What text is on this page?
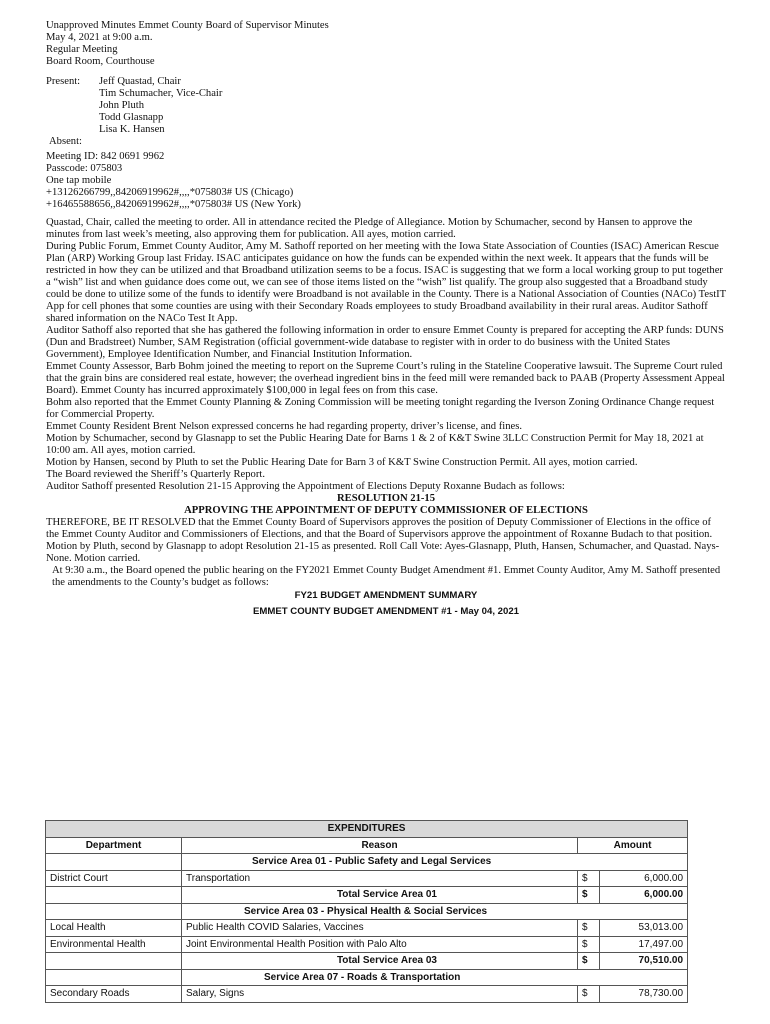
Unapproved Minutes Emmet County Board of Supervisor Minutes

May 4, 2021 at 9:00 a.m.

Regular Meeting

Board Room, Courthouse

Present:	Jeff Quastad, Chair

Tim Schumacher, Vice-Chair

John Pluth

Todd Glasnapp

Lisa K. Hansen

Absent:

Meeting ID: 842 0691 9962

Passcode: 075803

One tap mobile

+13126266799,,84206919962#,,,,*075803# US (Chicago)

+16465588656,,84206919962#,,,,*075803# US (New York)

Quastad, Chair, called the meeting to order. All in attendance recited the Pledge of Allegiance. Motion by Schumacher, second by Hansen to approve the minutes from last week’s meeting, also approving them for publication. All ayes, motion carried.

During Public Forum, Emmet County Auditor, Amy M. Sathoff reported on her meeting with the Iowa State Association of Counties (ISAC) American Rescue Plan (ARP) Working Group last Friday. ISAC anticipates guidance on how the funds can be expended within the next week. It appears that the funds will be restricted in how they can be utilized and that Broadband utilization seems to be a focus. ISAC is suggesting that we form a local working group to put together a “wish” list and when guidance does come out, we can see of those items listed on the “wish” list qualify. The group also suggested that a Broadband study could be done to utilize some of the funds to identify were Broadband is not available in the County. There is a National Association of Counties (NACo) TestIT App for cell phones that some counties are using with their Secondary Roads employees to study Broadband availability in their rural areas. Auditor Sathoff shared information on the NACo Test It App.

Auditor Sathoff also reported that she has gathered the following information in order to ensure Emmet County is prepared for accepting the ARP funds: DUNS (Dun and Bradstreet) Number, SAM Registration (official government-wide database to register with in order to do business with the United States Government), Employee Identification Number, and Financial Institution Information.

Emmet County Assessor, Barb Bohm joined the meeting to report on the Supreme Court’s ruling in the Stateline Cooperative lawsuit. The Supreme Court ruled that the grain bins are considered real estate, however; the overhead ingredient bins in the feed mill were remanded back to PAAB (Property Assessment Appeal Board). Emmet County has incurred approximately $100,000 in legal fees on from this case.

Bohm also reported that the Emmet County Planning & Zoning Commission will be meeting tonight regarding the Iverson Zoning Ordinance Change request for Commercial Property.

Emmet County Resident Brent Nelson expressed concerns he had regarding property, driver’s license, and fines.

Motion by Schumacher, second by Glasnapp to set the Public Hearing Date for Barns 1 & 2 of K&T Swine 3LLC Construction Permit for May 18, 2021 at 10:00 am. All ayes, motion carried.

Motion by Hansen, second by Pluth to set the Public Hearing Date for Barn 3 of K&T Swine Construction Permit. All ayes, motion carried.

The Board reviewed the Sheriff’s Quarterly Report.

Auditor Sathoff presented Resolution 21-15 Approving the Appointment of Elections Deputy Roxanne Budach as follows:

RESOLUTION 21-15

APPROVING THE APPOINTMENT OF DEPUTY COMMISSIONER OF ELECTIONS

THEREFORE, BE IT RESOLVED that the Emmet County Board of Supervisors approves the position of Deputy Commissioner of Elections in the office of the Emmet County Auditor and Commissioners of Elections, and that the Board of Supervisors approve the appointment of Roxanne Budach to that position.

Motion by Pluth, second by Glasnapp to adopt Resolution 21-15 as presented. Roll Call Vote: Ayes-Glasnapp, Pluth, Hansen, Schumacher, and Quastad. Nays- None. Motion carried.

At 9:30 a.m., the Board opened the public hearing on the FY2021 Emmet County Budget Amendment #1. Emmet County Auditor, Amy M. Sathoff presented the amendments to the County’s budget as follows:

FY21 BUDGET AMENDMENT SUMMARY

EMMET COUNTY BUDGET AMENDMENT #1 - May 04, 2021

EXPENDITURES			
Department	Reason	Amount	
	Service Area 01 - Public Safety and Legal Services		
District Court	Transportation	$	6,000.00
	Total Service Area 01	$	6,000.00
	Service Area 03 - Physical Health & Social Services		
Local Health	Public Health COVID Salaries, Vaccines	$	53,013.00
Environmental Health	Joint Environmental Health Position with Palo Alto	$	17,497.00
	Total Service Area 03	$	70,510.00
	Service Area 07 - Roads & Transportation		
Secondary Roads	Salary, Signs	$	78,730.00
